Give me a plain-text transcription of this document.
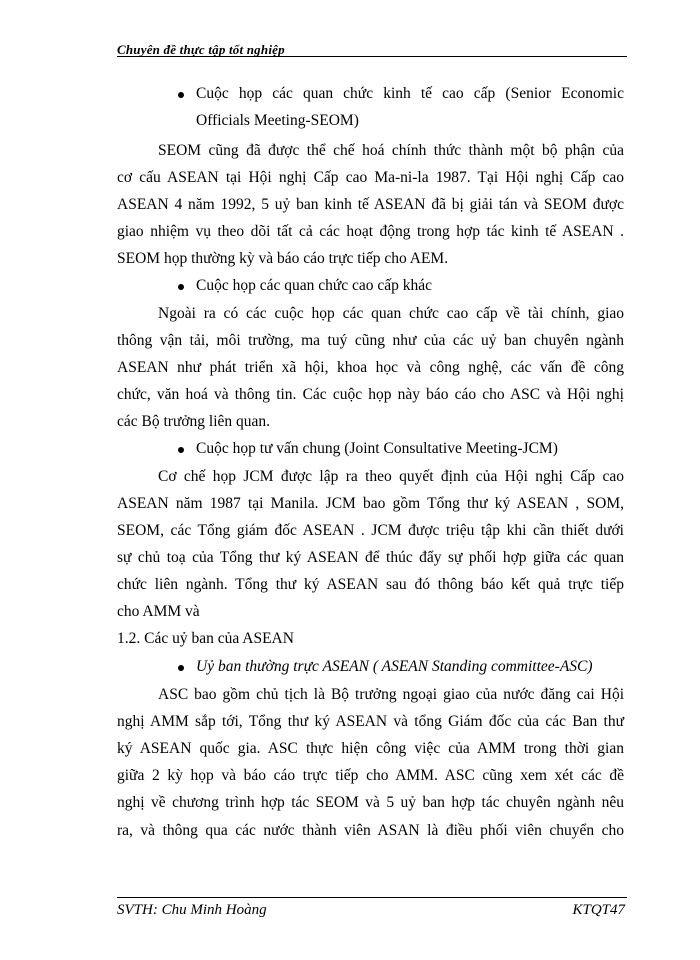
Chuyên đề thực tập tốt nghiệp
Cuộc họp các quan chức kinh tế cao cấp (Senior Economic
Officials Meeting-SEOM)
SEOM cũng đã được thể chế hoá chính thức thành một bộ phận của
cơ cấu ASEAN tại Hội nghị Cấp cao Ma-ni-la 1987. Tại Hội nghị Cấp cao
ASEAN 4 năm 1992, 5 uỷ ban kinh tế ASEAN đã bị giải tán và SEOM được
giao nhiệm vụ theo dõi tất cả các hoạt động trong hợp tác kinh tế ASEAN .
SEOM họp thường kỳ và báo cáo trực tiếp cho AEM.
Cuộc họp các quan chức cao cấp khác
Ngoài ra có các cuộc họp các quan chức cao cấp về tài chính, giao
thông vận tải, môi trường, ma tuý cũng như của các uỷ ban chuyên ngành
ASEAN như phát triển xã hội, khoa học và công nghệ, các vấn đề công
chức, văn hoá và thông tin. Các cuộc họp này báo cáo cho ASC và Hội nghị
các Bộ trưởng liên quan.
Cuộc họp tư vấn chung (Joint Consultative Meeting-JCM)
Cơ chế họp JCM được lập ra theo quyết định của Hội nghị Cấp cao
ASEAN năm 1987 tại Manila. JCM bao gồm Tổng thư ký ASEAN , SOM,
SEOM, các Tổng giám đốc ASEAN . JCM được triệu tập khi cần thiết dưới
sự chủ toạ của Tổng thư ký ASEAN để thúc đẩy sự phối hợp giữa các quan
chức liên ngành. Tổng thư ký ASEAN sau đó thông báo kết quả trực tiếp
cho AMM và
1.2. Các uỷ ban của ASEAN
Uỷ ban thường trực ASEAN ( ASEAN Standing committee-ASC)
ASC bao gồm chủ tịch là Bộ trưởng ngoại giao của nước đăng cai Hội
nghị AMM sắp tới, Tổng thư ký ASEAN và tổng Giám đốc của các Ban thư
ký ASEAN quốc gia. ASC thực hiện công việc của AMM trong thời gian
giữa 2 kỳ họp và báo cáo trực tiếp cho AMM. ASC cũng xem xét các đề
nghị về chương trình hợp tác SEOM và 5 uỷ ban hợp tác chuyên ngành nêu
ra, và thông qua các nước thành viên ASAN là điều phối viên chuyển cho
SVTH: Chu Minh Hoàng	KTQT47
